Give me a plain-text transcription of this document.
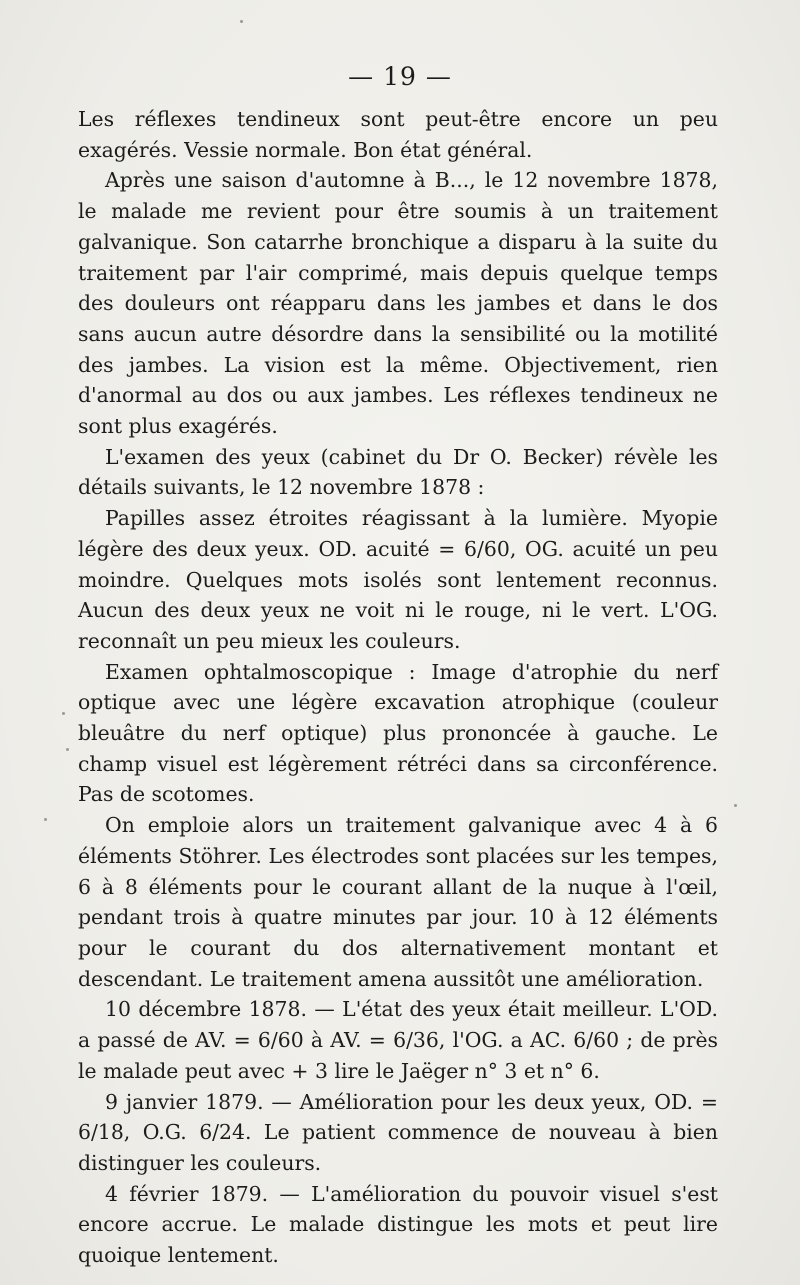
— 19 —

Les réflexes tendineux sont peut-être encore un peu exagérés. Vessie normale. Bon état général.

Après une saison d'automne à B..., le 12 novembre 1878, le malade me revient pour être soumis à un traitement galvanique. Son catarrhe bronchique a disparu à la suite du traitement par l'air comprimé, mais depuis quelque temps des douleurs ont réapparu dans les jambes et dans le dos sans aucun autre désordre dans la sensibilité ou la motilité des jambes. La vision est la même. Objectivement, rien d'anormal au dos ou aux jambes. Les réflexes tendineux ne sont plus exagérés.

L'examen des yeux (cabinet du Dr O. Becker) révèle les détails suivants, le 12 novembre 1878 :

Papilles assez étroites réagissant à la lumière. Myopie légère des deux yeux. OD. acuité = 6/60, OG. acuité un peu moindre. Quelques mots isolés sont lentement reconnus. Aucun des deux yeux ne voit ni le rouge, ni le vert. L'OG. reconnaît un peu mieux les couleurs.

Examen ophtalmoscopique : Image d'atrophie du nerf optique avec une légère excavation atrophique (couleur bleuâtre du nerf optique) plus prononcée à gauche. Le champ visuel est légèrement rétréci dans sa circonférence. Pas de scotomes.

On emploie alors un traitement galvanique avec 4 à 6 éléments Stöhrer. Les électrodes sont placées sur les tempes, 6 à 8 éléments pour le courant allant de la nuque à l'œil, pendant trois à quatre minutes par jour. 10 à 12 éléments pour le courant du dos alternativement montant et descendant. Le traitement amena aussitôt une amélioration.

10 décembre 1878. — L'état des yeux était meilleur. L'OD. a passé de AV. = 6/60 à AV. = 6/36, l'OG. a AC. 6/60 ; de près le malade peut avec + 3 lire le Jaëger n° 3 et n° 6.

9 janvier 1879. — Amélioration pour les deux yeux, OD. = 6/18, O.G. 6/24. Le patient commence de nouveau à bien distinguer les couleurs.

4 février 1879. — L'amélioration du pouvoir visuel s'est encore accrue. Le malade distingue les mots et peut lire quoique lentement.
